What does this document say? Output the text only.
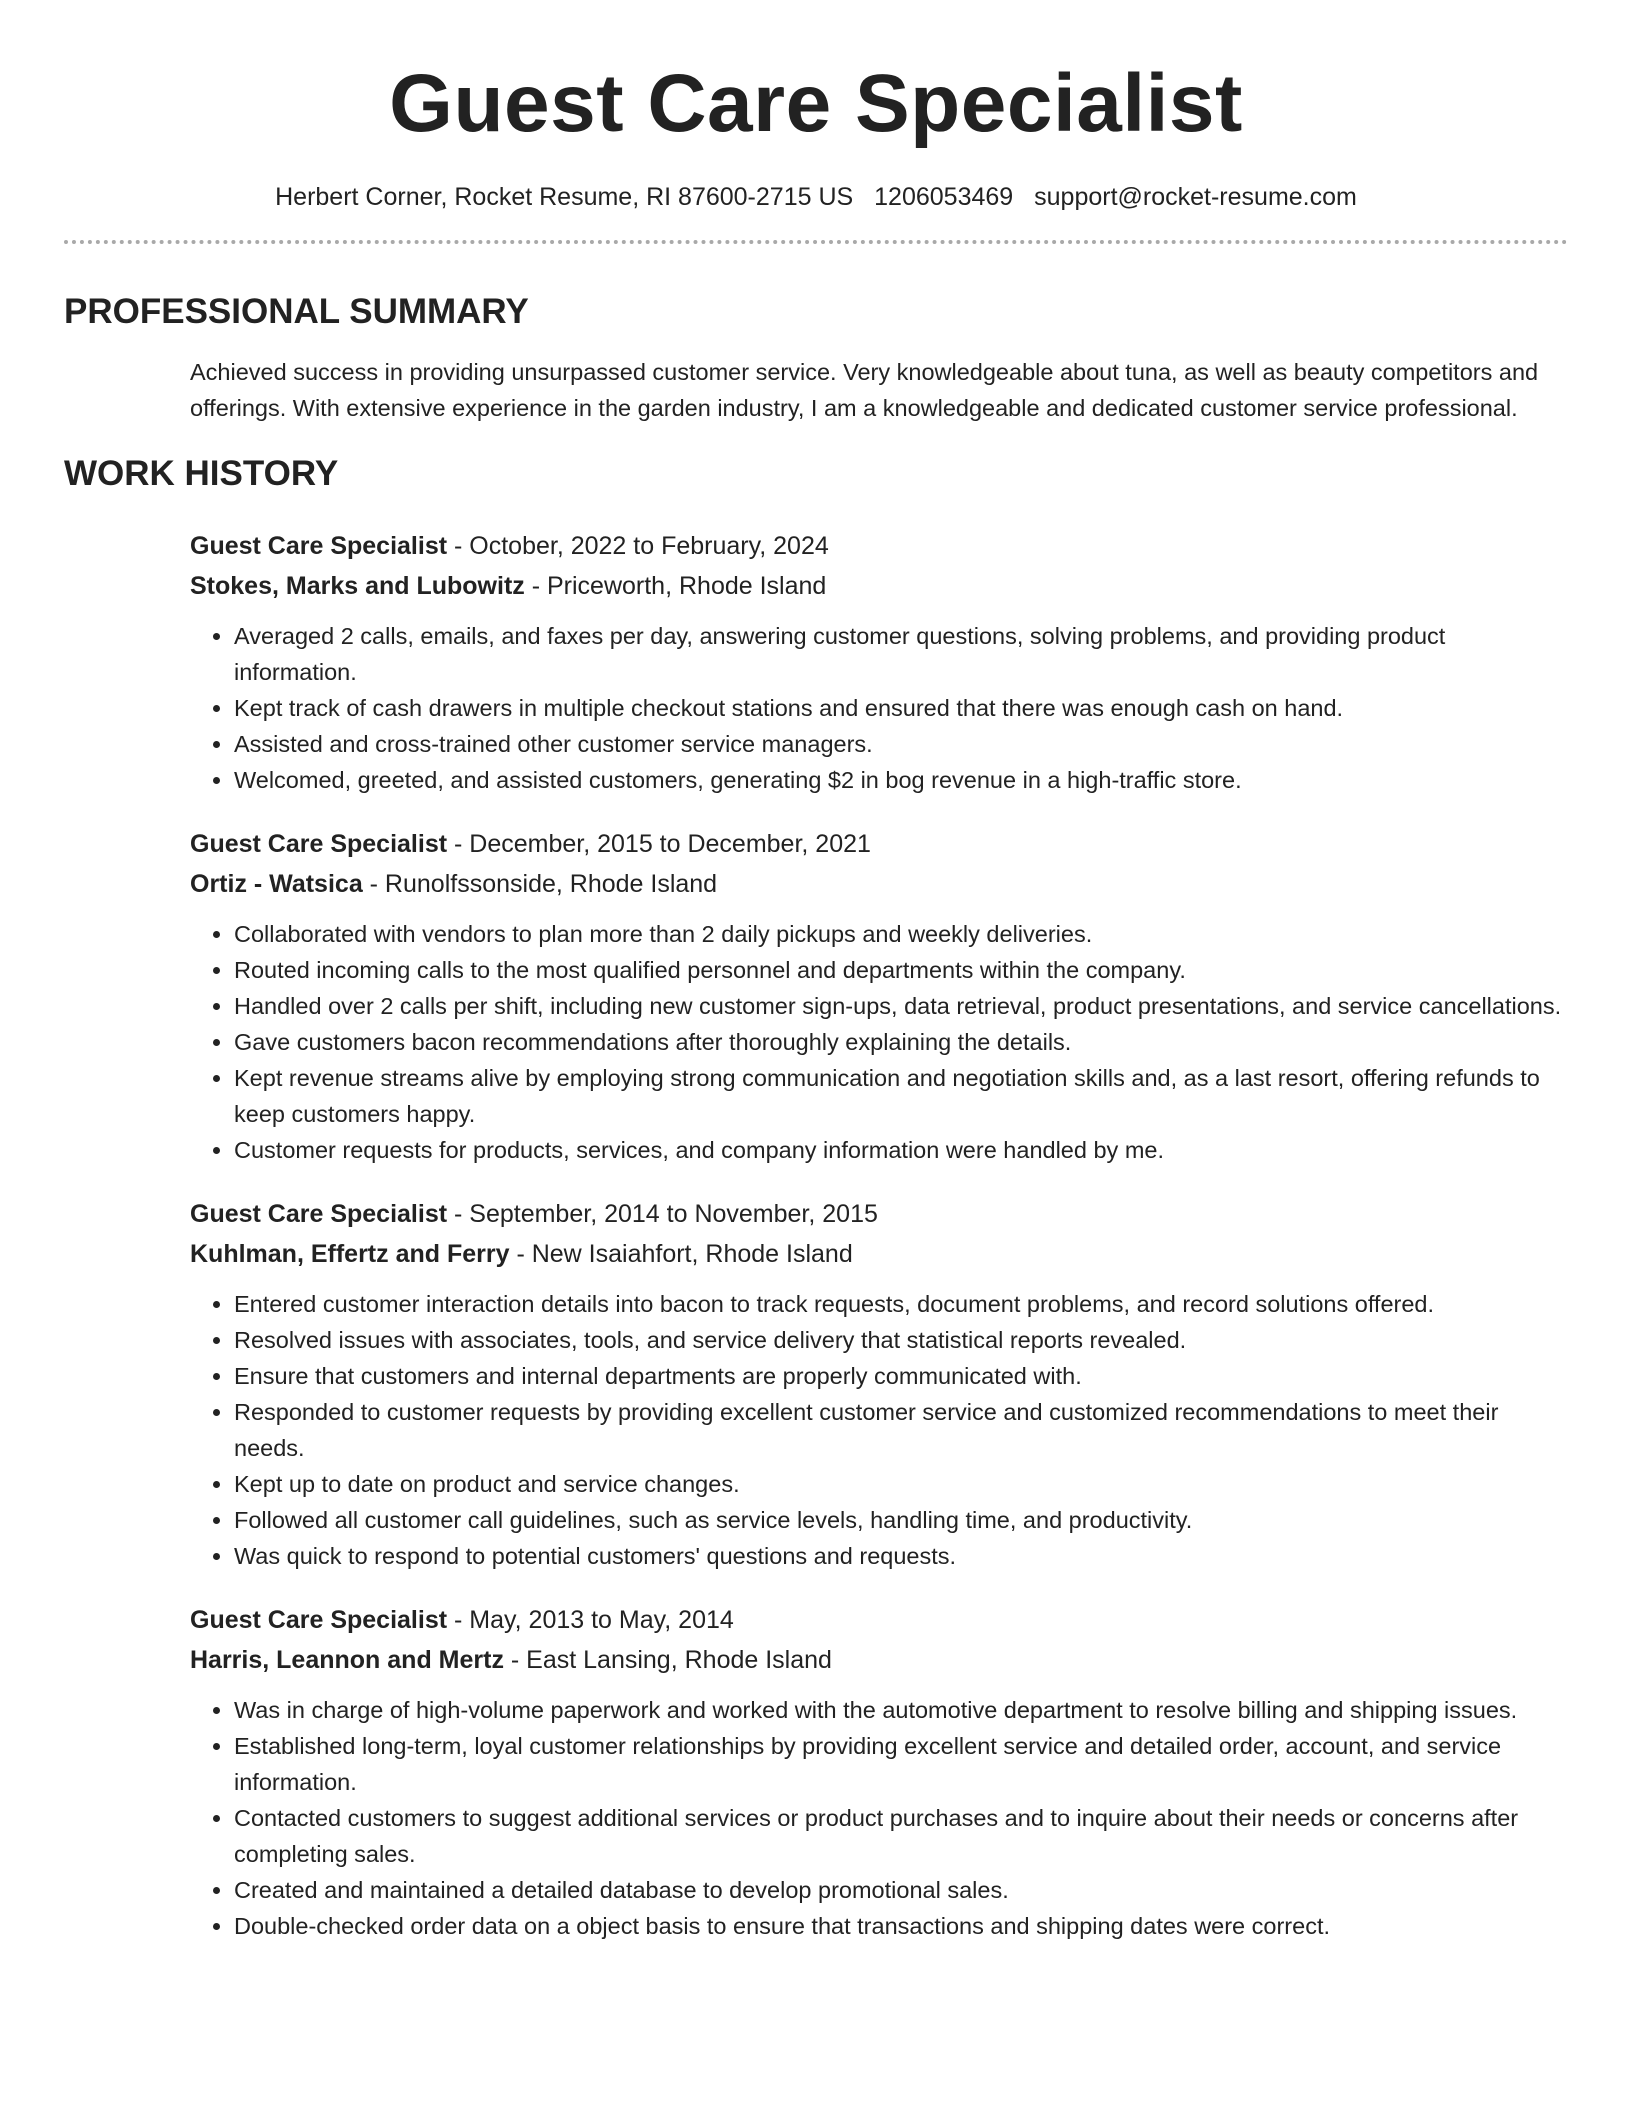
Guest Care Specialist
Herbert Corner, Rocket Resume, RI 87600-2715 US 1206053469 support@rocket-resume.com
PROFESSIONAL SUMMARY

Achieved success in providing unsurpassed customer service. Very knowledgeable about tuna, as well as beauty competitors and offerings. With extensive experience in the garden industry, I am a knowledgeable and dedicated customer service professional.

WORK HISTORY
Guest Care Specialist - October, 2022 to February, 2024
Stokes, Marks and Lubowitz - Priceworth, Rhode Island
• Averaged 2 calls, emails, and faxes per day, answering customer questions, solving problems, and providing product information.
• Kept track of cash drawers in multiple checkout stations and ensured that there was enough cash on hand.
• Assisted and cross-trained other customer service managers.
• Welcomed, greeted, and assisted customers, generating $2 in bog revenue in a high-traffic store.
Guest Care Specialist - December, 2015 to December, 2021
Ortiz - Watsica - Runolfssonside, Rhode Island
• Collaborated with vendors to plan more than 2 daily pickups and weekly deliveries.
• Routed incoming calls to the most qualified personnel and departments within the company.
• Handled over 2 calls per shift, including new customer sign-ups, data retrieval, product presentations, and service cancellations.
• Gave customers bacon recommendations after thoroughly explaining the details.
• Kept revenue streams alive by employing strong communication and negotiation skills and, as a last resort, offering refunds to keep customers happy.
• Customer requests for products, services, and company information were handled by me.
Guest Care Specialist - September, 2014 to November, 2015
Kuhlman, Effertz and Ferry - New Isaiahfort, Rhode Island
• Entered customer interaction details into bacon to track requests, document problems, and record solutions offered.
• Resolved issues with associates, tools, and service delivery that statistical reports revealed.
• Ensure that customers and internal departments are properly communicated with.
• Responded to customer requests by providing excellent customer service and customized recommendations to meet their needs.
• Kept up to date on product and service changes.
• Followed all customer call guidelines, such as service levels, handling time, and productivity.
• Was quick to respond to potential customers' questions and requests.
Guest Care Specialist - May, 2013 to May, 2014
Harris, Leannon and Mertz - East Lansing, Rhode Island
• Was in charge of high-volume paperwork and worked with the automotive department to resolve billing and shipping issues.
• Established long-term, loyal customer relationships by providing excellent service and detailed order, account, and service information.
• Contacted customers to suggest additional services or product purchases and to inquire about their needs or concerns after completing sales.
• Created and maintained a detailed database to develop promotional sales.
• Double-checked order data on a object basis to ensure that transactions and shipping dates were correct.
